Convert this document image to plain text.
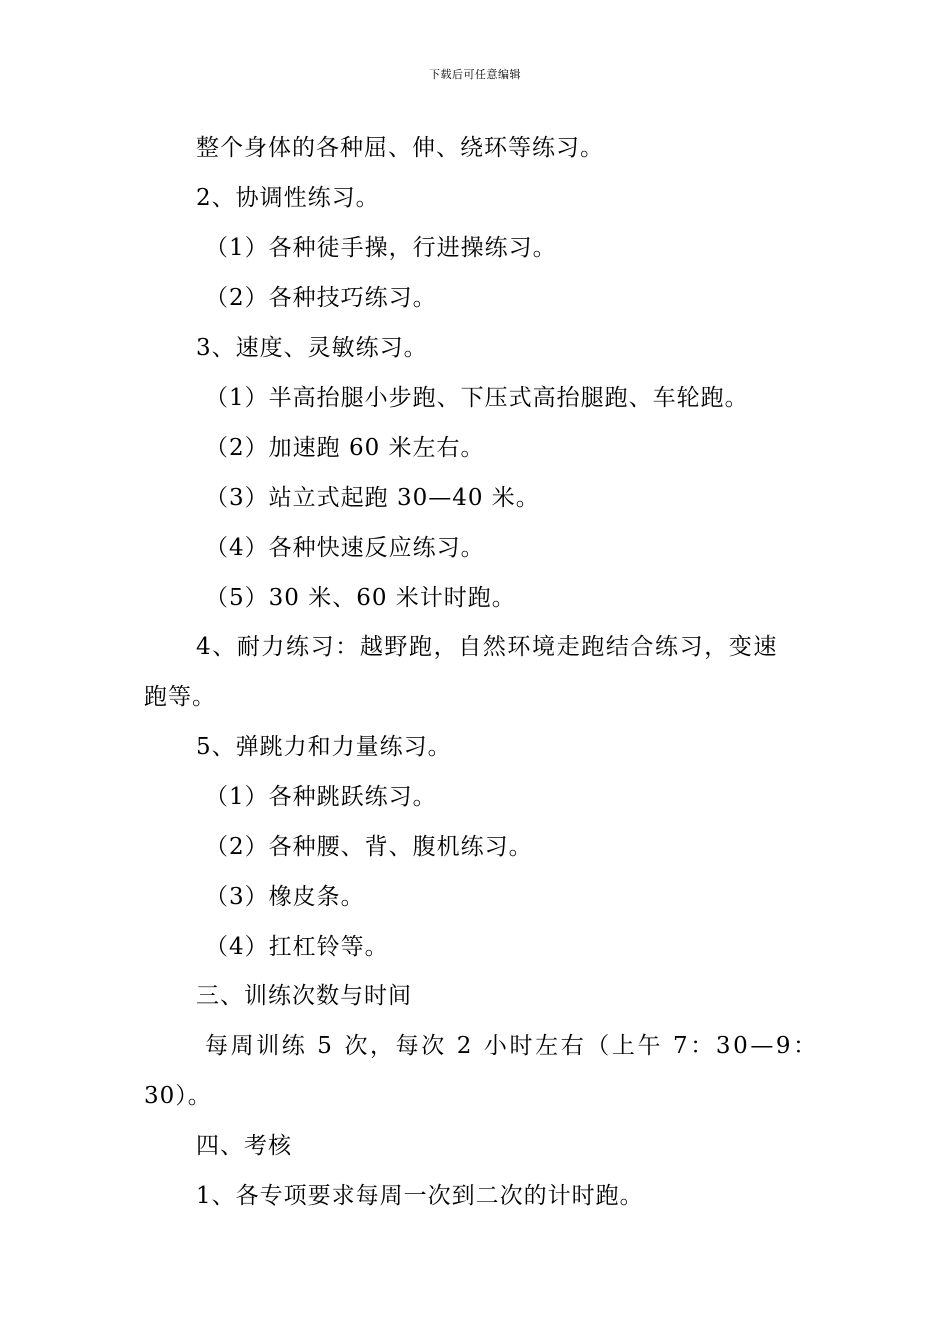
下载后可任意编辑
整个身体的各种屈、伸、绕环等练习。
2、协调性练习。
（1）各种徒手操，行进操练习。
（2）各种技巧练习。
3、速度、灵敏练习。
（1）半高抬腿小步跑、下压式高抬腿跑、车轮跑。
（2）加速跑 60 米左右。
（3）站立式起跑 30—40 米。
（4）各种快速反应练习。
（5）30 米、60 米计时跑。
4、耐力练习：越野跑，自然环境走跑结合练习，变速
跑等。
5、弹跳力和力量练习。
（1）各种跳跃练习。
（2）各种腰、背、腹机练习。
（3）橡皮条。
（4）扛杠铃等。
三、训练次数与时间
每周训练 5 次，每次 2 小时左右（上午 7：30—9：
30）。
四、考核
1、各专项要求每周一次到二次的计时跑。
